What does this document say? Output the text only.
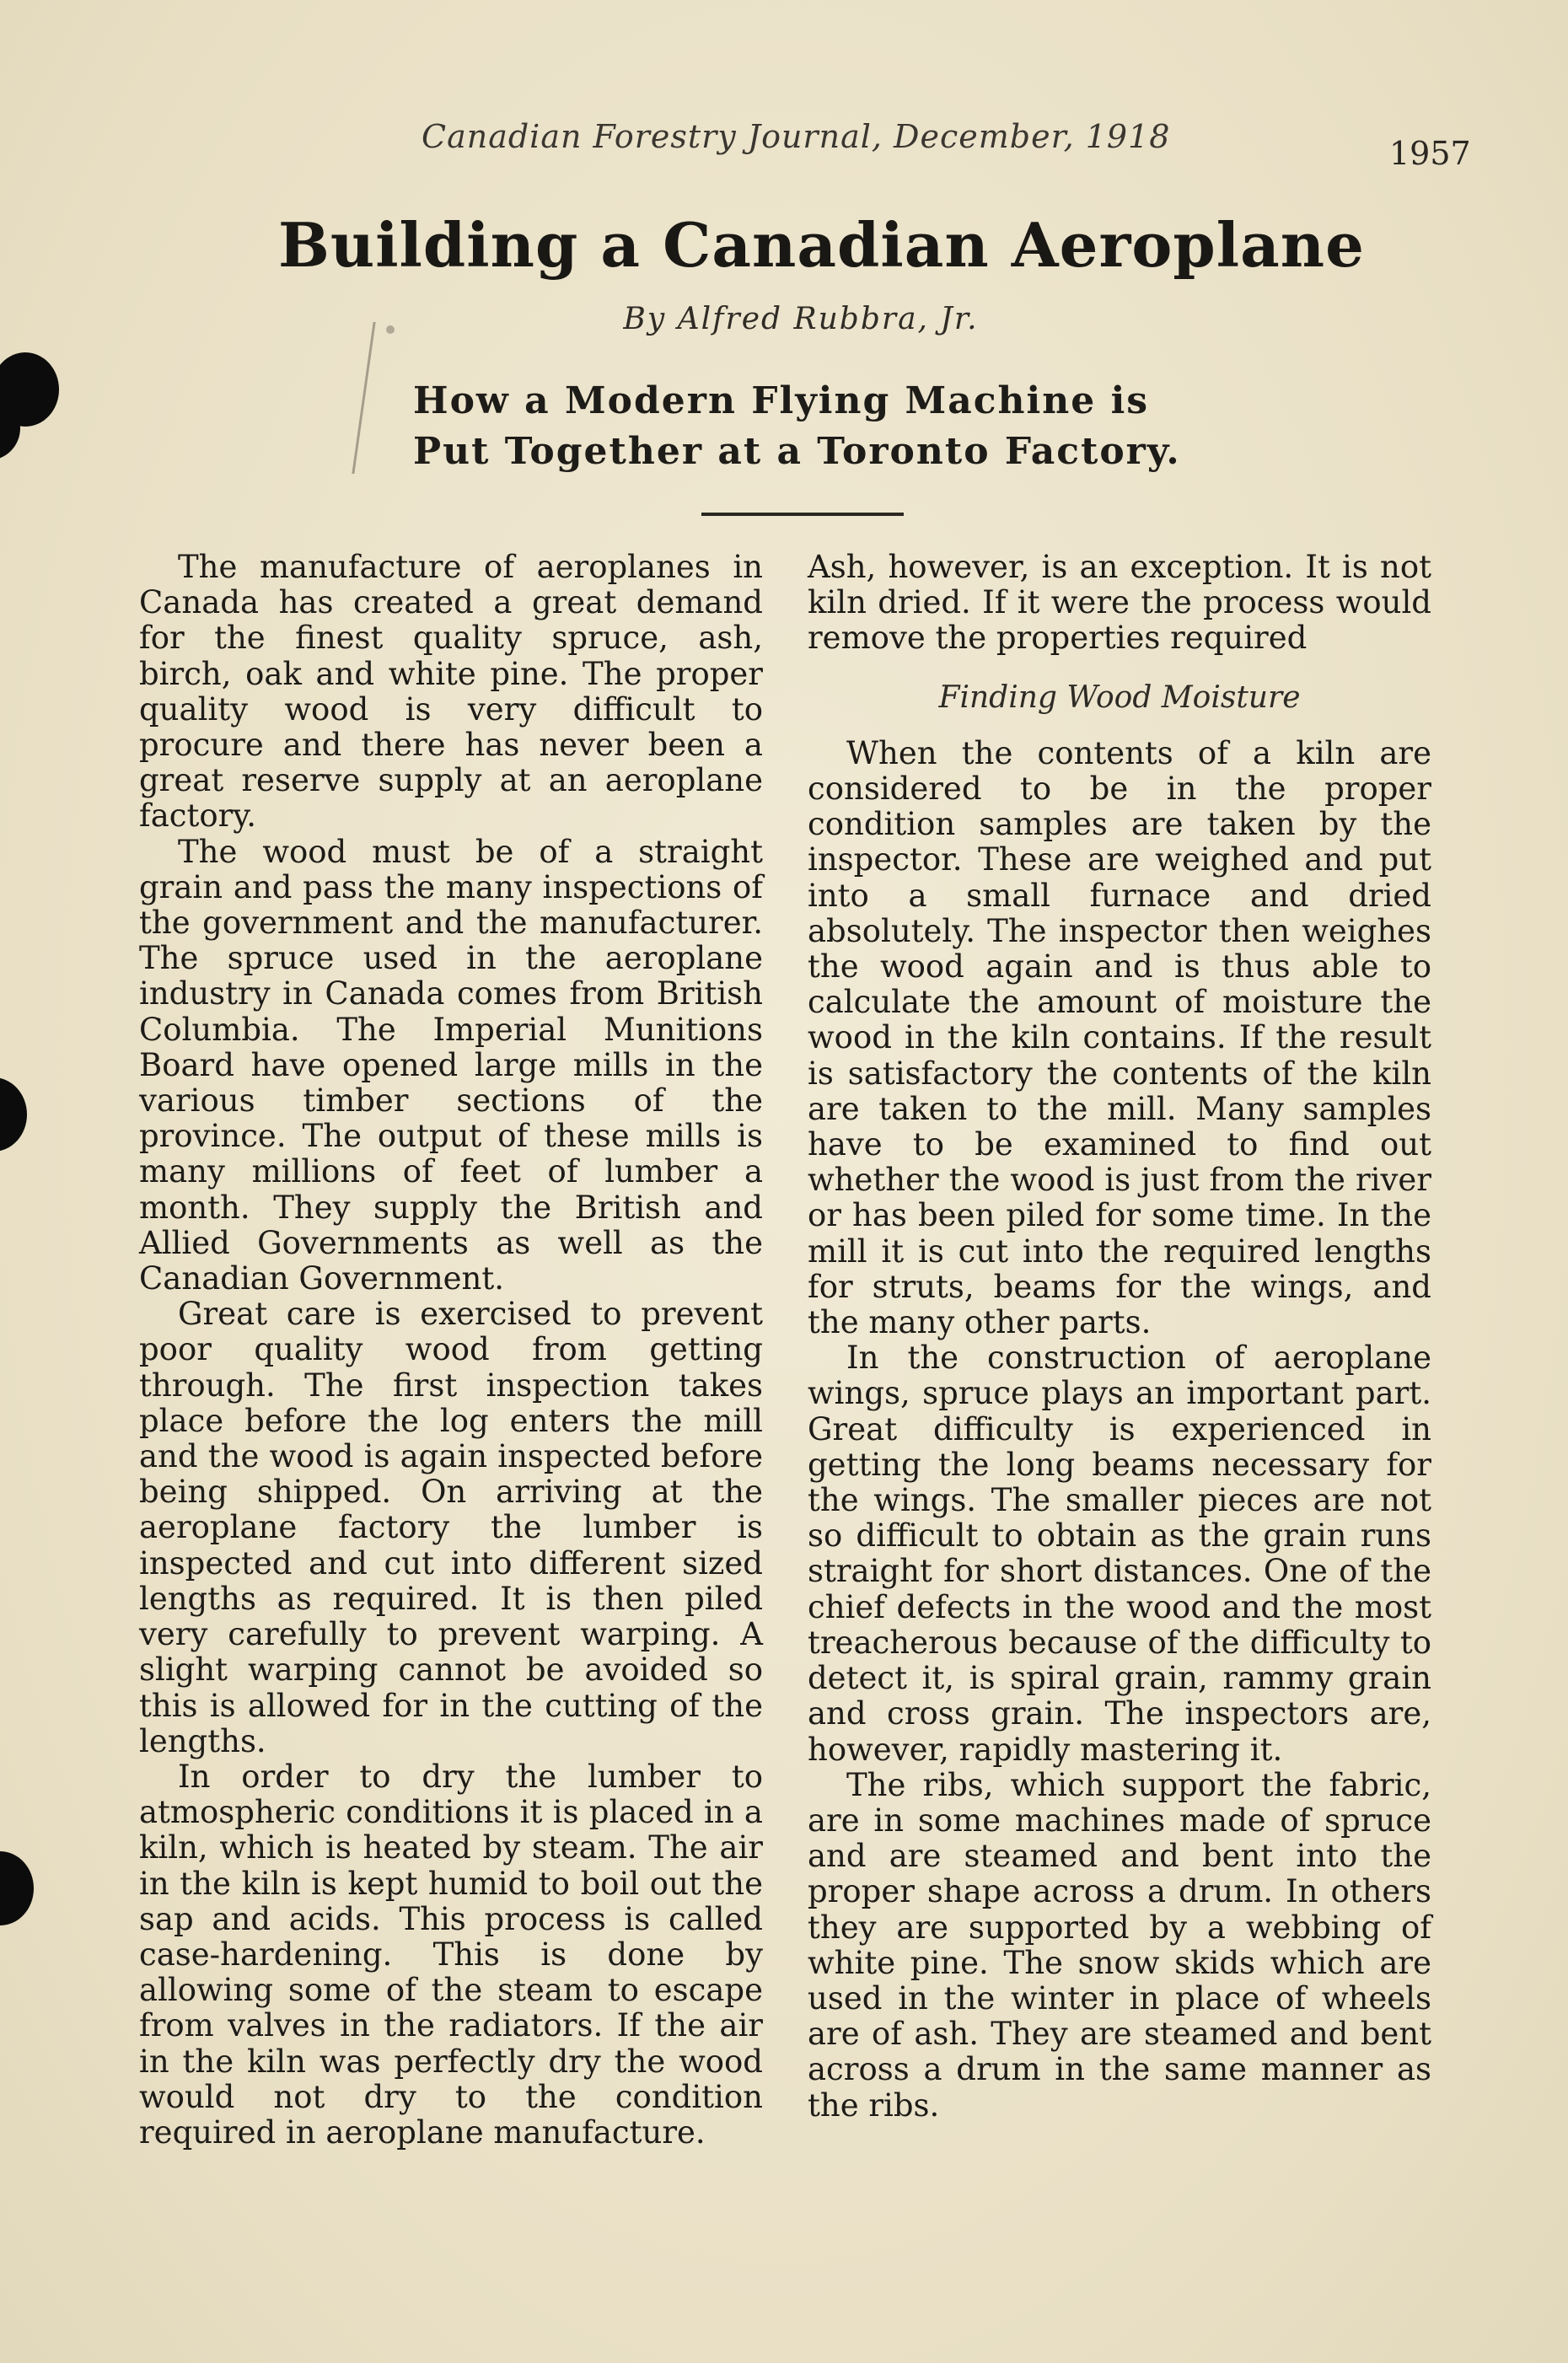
Canadian Forestry Journal, December, 1918	1957
Building a Canadian Aeroplane
By Alfred Rubbra, Jr.
How a Modern Flying Machine is
Put Together at a Toronto Factory.

The manufacture of aeroplanes in Canada has created a great demand for the finest quality spruce, ash, birch, oak and white pine. The proper quality wood is very difficult to procure and there has never been a great reserve supply at an aeroplane factory.

The wood must be of a straight grain and pass the many inspections of the government and the manufacturer. The spruce used in the aeroplane industry in Canada comes from British Columbia. The Imperial Munitions Board have opened large mills in the various timber sections of the province. The output of these mills is many millions of feet of lumber a month. They supply the British and Allied Governments as well as the Canadian Government.

Great care is exercised to prevent poor quality wood from getting through. The first inspection takes place before the log enters the mill and the wood is again inspected before being shipped. On arriving at the aeroplane factory the lumber is inspected and cut into different sized lengths as required. It is then piled very carefully to prevent warping. A slight warping cannot be avoided so this is allowed for in the cutting of the lengths.

In order to dry the lumber to atmospheric conditions it is placed in a kiln, which is heated by steam. The air in the kiln is kept humid to boil out the sap and acids. This process is called case-hardening. This is done by allowing some of the steam to escape from valves in the radiators. If the air in the kiln was perfectly dry the wood would not dry to the condition required in aeroplane manufacture.

Ash, however, is an exception. It is not kiln dried. If it were the process would remove the properties required

Finding Wood Moisture

When the contents of a kiln are considered to be in the proper condition samples are taken by the inspector. These are weighed and put into a small furnace and dried absolutely. The inspector then weighes the wood again and is thus able to calculate the amount of moisture the wood in the kiln contains. If the result is satisfactory the contents of the kiln are taken to the mill. Many samples have to be examined to find out whether the wood is just from the river or has been piled for some time. In the mill it is cut into the required lengths for struts, beams for the wings, and the many other parts.

In the construction of aeroplane wings, spruce plays an important part. Great difficulty is experienced in getting the long beams necessary for the wings. The smaller pieces are not so difficult to obtain as the grain runs straight for short distances. One of the chief defects in the wood and the most treacherous because of the difficulty to detect it, is spiral grain, rammy grain and cross grain. The inspectors are, however, rapidly mastering it.

The ribs, which support the fabric, are in some machines made of spruce and are steamed and bent into the proper shape across a drum. In others they are supported by a webbing of white pine. The snow skids which are used in the winter in place of wheels are of ash. They are steamed and bent across a drum in the same manner as the ribs.
